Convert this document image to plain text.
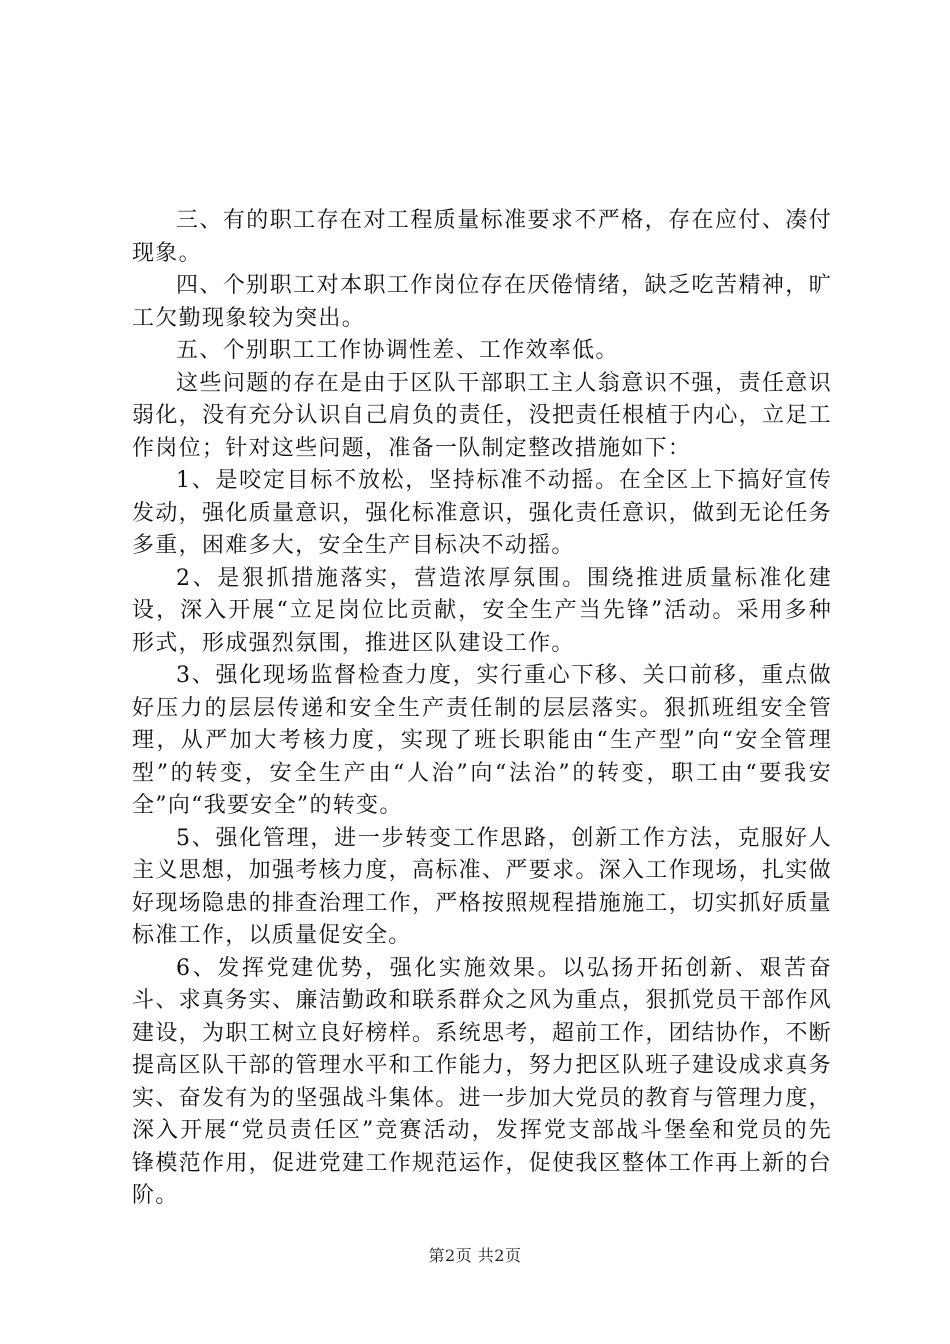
三、有的职工存在对工程质量标准要求不严格，存在应付、凑付现象。

四、个别职工对本职工作岗位存在厌倦情绪，缺乏吃苦精神，旷工欠勤现象较为突出。

五、个别职工工作协调性差、工作效率低。

这些问题的存在是由于区队干部职工主人翁意识不强，责任意识弱化，没有充分认识自己肩负的责任，没把责任根植于内心，立足工作岗位；针对这些问题，准备一队制定整改措施如下：

1、是咬定目标不放松，坚持标准不动摇。在全区上下搞好宣传发动，强化质量意识，强化标准意识，强化责任意识，做到无论任务多重，困难多大，安全生产目标决不动摇。

2、是狠抓措施落实，营造浓厚氛围。围绕推进质量标准化建设，深入开展“立足岗位比贡献，安全生产当先锋”活动。采用多种形式，形成强烈氛围，推进区队建设工作。

3、强化现场监督检查力度，实行重心下移、关口前移，重点做好压力的层层传递和安全生产责任制的层层落实。狠抓班组安全管理，从严加大考核力度，实现了班长职能由“生产型”向“安全管理型”的转变，安全生产由“人治”向“法治”的转变，职工由“要我安全”向“我要安全”的转变。

5、强化管理，进一步转变工作思路，创新工作方法，克服好人主义思想，加强考核力度，高标准、严要求。深入工作现场，扎实做好现场隐患的排查治理工作，严格按照规程措施施工，切实抓好质量标准工作，以质量促安全。

6、发挥党建优势，强化实施效果。以弘扬开拓创新、艰苦奋斗、求真务实、廉洁勤政和联系群众之风为重点，狠抓党员干部作风建设，为职工树立良好榜样。系统思考，超前工作，团结协作，不断提高区队干部的管理水平和工作能力，努力把区队班子建设成求真务实、奋发有为的坚强战斗集体。进一步加大党员的教育与管理力度，深入开展“党员责任区”竞赛活动，发挥党支部战斗堡垒和党员的先锋模范作用，促进党建工作规范运作，促使我区整体工作再上新的台阶。

第2页 共2页
